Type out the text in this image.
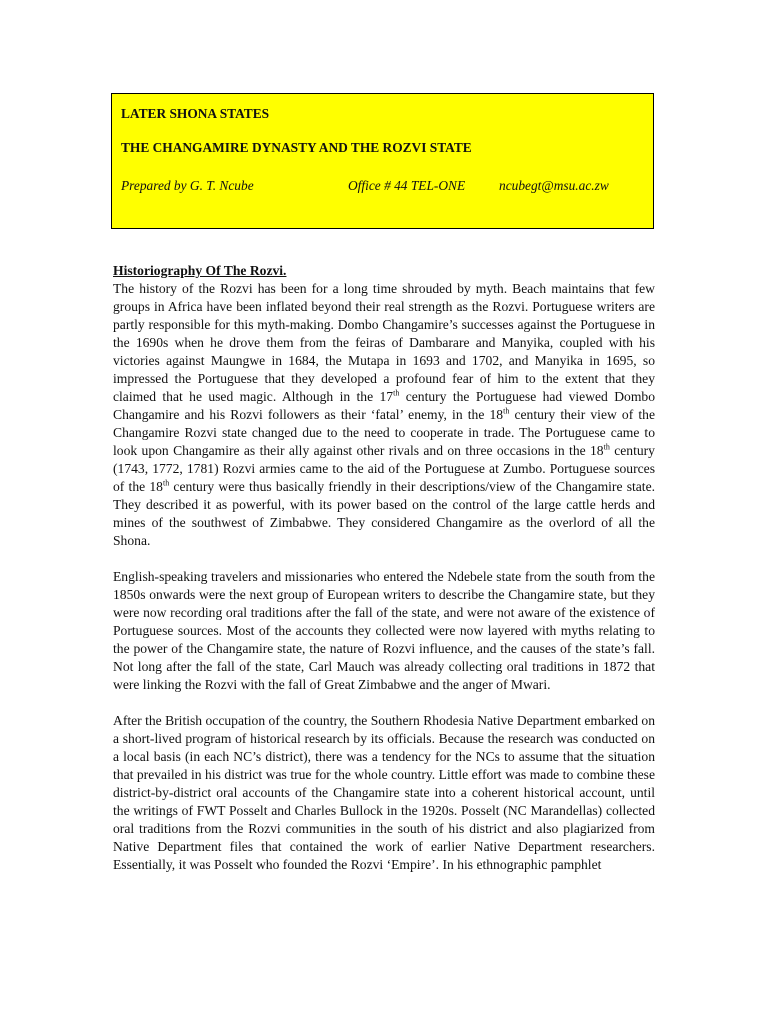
LATER SHONA STATES
THE CHANGAMIRE DYNASTY AND THE ROZVI STATE
Prepared by G. T. Ncube	Office # 44 TEL-ONE	ncubegt@msu.ac.zw

Historiography Of The Rozvi.

The history of the Rozvi has been for a long time shrouded by myth. Beach maintains that few groups in Africa have been inflated beyond their real strength as the Rozvi. Portuguese writers are partly responsible for this myth-making. Dombo Changamire’s successes against the Portuguese in the 1690s when he drove them from the feiras of Dambarare and Manyika, coupled with his victories against Maungwe in 1684, the Mutapa in 1693 and 1702, and Manyika in 1695, so impressed the Portuguese that they developed a profound fear of him to the extent that they claimed that he used magic. Although in the 17th century the Portuguese had viewed Dombo Changamire and his Rozvi followers as their ‘fatal’ enemy, in the 18th century their view of the Changamire Rozvi state changed due to the need to cooperate in trade. The Portuguese came to look upon Changamire as their ally against other rivals and on three occasions in the 18th century (1743, 1772, 1781) Rozvi armies came to the aid of the Portuguese at Zumbo. Portuguese sources of the 18th century were thus basically friendly in their descriptions/view of the Changamire state. They described it as powerful, with its power based on the control of the large cattle herds and mines of the southwest of Zimbabwe. They considered Changamire as the overlord of all the Shona.

English-speaking travelers and missionaries who entered the Ndebele state from the south from the 1850s onwards were the next group of European writers to describe the Changamire state, but they were now recording oral traditions after the fall of the state, and were not aware of the existence of Portuguese sources. Most of the accounts they collected were now layered with myths relating to the power of the Changamire state, the nature of Rozvi influence, and the causes of the state’s fall. Not long after the fall of the state, Carl Mauch was already collecting oral traditions in 1872 that were linking the Rozvi with the fall of Great Zimbabwe and the anger of Mwari.

After the British occupation of the country, the Southern Rhodesia Native Department embarked on a short-lived program of historical research by its officials. Because the research was conducted on a local basis (in each NC’s district), there was a tendency for the NCs to assume that the situation that prevailed in his district was true for the whole country. Little effort was made to combine these district-by-district oral accounts of the Changamire state into a coherent historical account, until the writings of FWT Posselt and Charles Bullock in the 1920s. Posselt (NC Marandellas) collected oral traditions from the Rozvi communities in the south of his district and also plagiarized from Native Department files that contained the work of earlier Native Department researchers. Essentially, it was Posselt who founded the Rozvi ‘Empire’. In his ethnographic pamphlet
